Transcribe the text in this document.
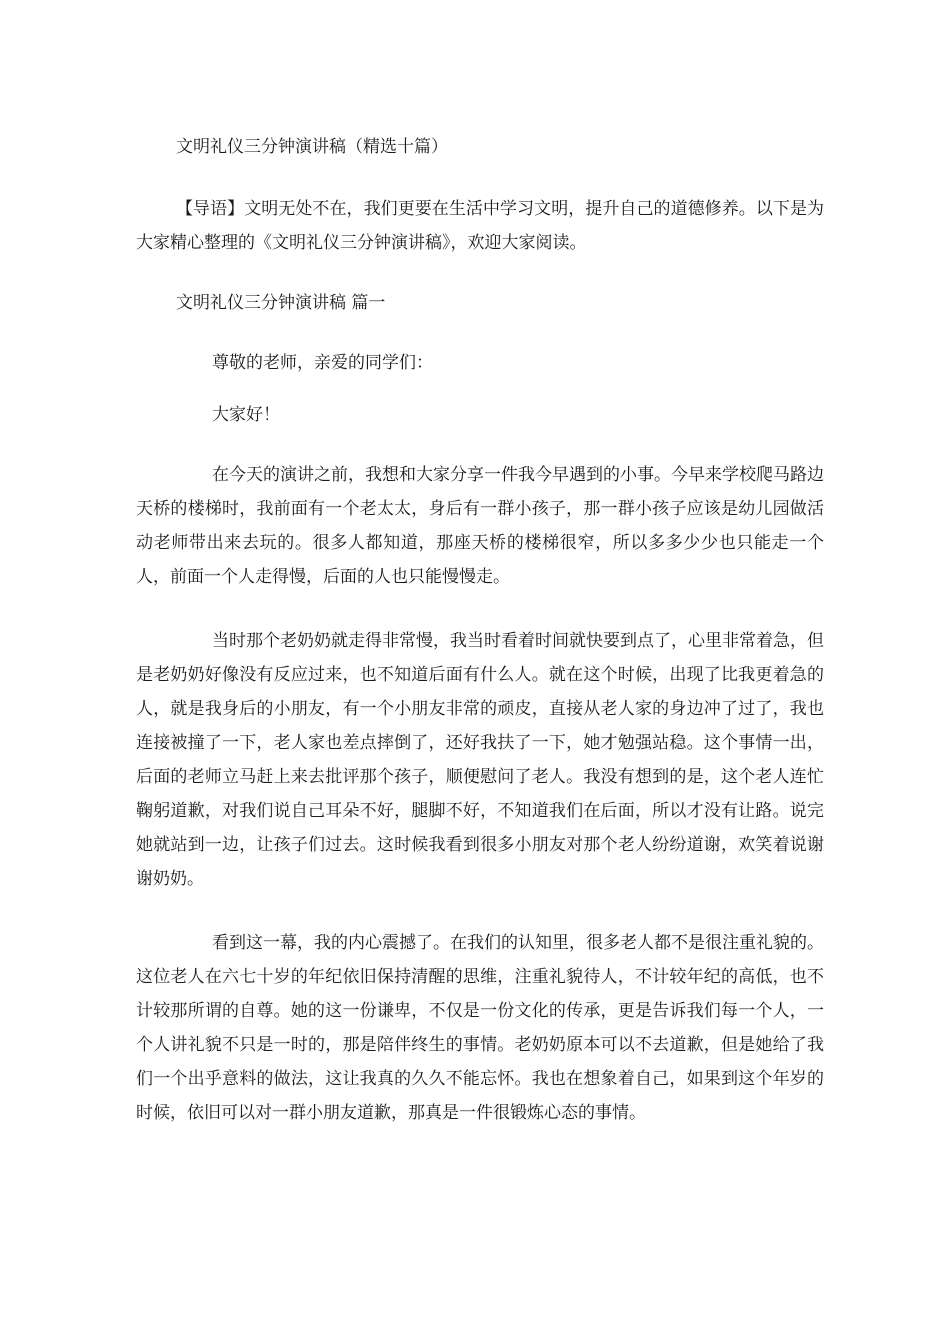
文明礼仪三分钟演讲稿（精选十篇）

【导语】文明无处不在，我们更要在生活中学习文明，提升自己的道德修养。以下是为大家精心整理的《文明礼仪三分钟演讲稿》，欢迎大家阅读。

文明礼仪三分钟演讲稿 篇一

尊敬的老师，亲爱的同学们：

大家好！

在今天的演讲之前，我想和大家分享一件我今早遇到的小事。今早来学校爬马路边天桥的楼梯时，我前面有一个老太太，身后有一群小孩子，那一群小孩子应该是幼儿园做活动老师带出来去玩的。很多人都知道，那座天桥的楼梯很窄，所以多多少少也只能走一个人，前面一个人走得慢，后面的人也只能慢慢走。

当时那个老奶奶就走得非常慢，我当时看着时间就快要到点了，心里非常着急，但是老奶奶好像没有反应过来，也不知道后面有什么人。就在这个时候，出现了比我更着急的人，就是我身后的小朋友，有一个小朋友非常的顽皮，直接从老人家的身边冲了过了，我也连接被撞了一下，老人家也差点摔倒了，还好我扶了一下，她才勉强站稳。这个事情一出，后面的老师立马赶上来去批评那个孩子，顺便慰问了老人。我没有想到的是，这个老人连忙鞠躬道歉，对我们说自己耳朵不好，腿脚不好，不知道我们在后面，所以才没有让路。说完她就站到一边，让孩子们过去。这时候我看到很多小朋友对那个老人纷纷道谢，欢笑着说谢谢奶奶。

看到这一幕，我的内心震撼了。在我们的认知里，很多老人都不是很注重礼貌的。这位老人在六七十岁的年纪依旧保持清醒的思维，注重礼貌待人，不计较年纪的高低，也不计较那所谓的自尊。她的这一份谦卑，不仅是一份文化的传承，更是告诉我们每一个人，一个人讲礼貌不只是一时的，那是陪伴终生的事情。老奶奶原本可以不去道歉，但是她给了我们一个出乎意料的做法，这让我真的久久不能忘怀。我也在想象着自己，如果到这个年岁的时候，依旧可以对一群小朋友道歉，那真是一件很锻炼心态的事情。
